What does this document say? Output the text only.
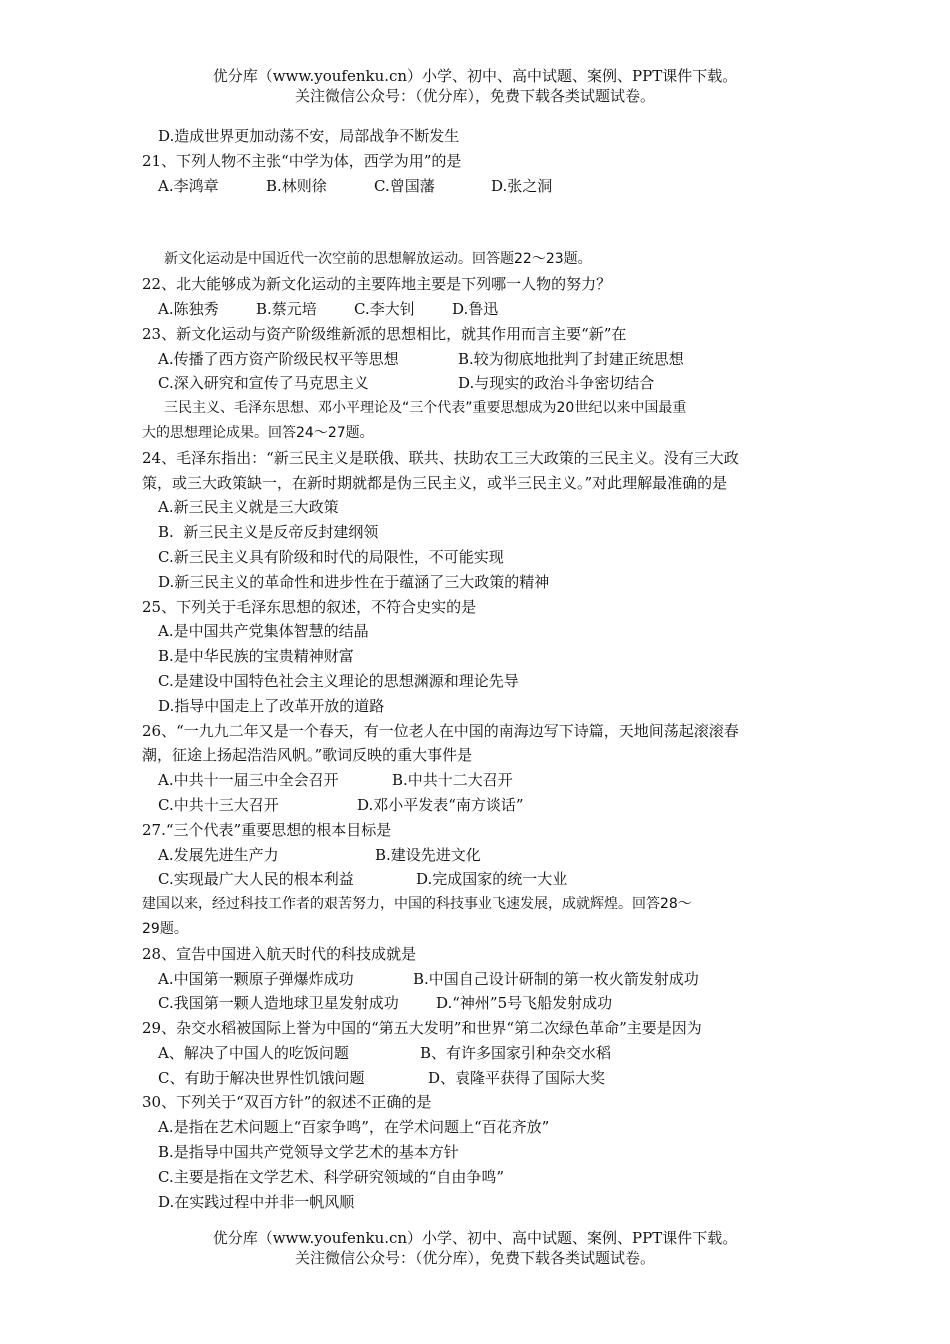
优分库（www.youfenku.cn）小学、初中、高中试题、案例、PPT课件下载。
关注微信公众号：（优分库），免费下载各类试题试卷。
D.造成世界更加动荡不安，局部战争不断发生
21、下列人物不主张“中学为体，西学为用”的是
A.李鸿章	B.林则徐	C.曾国藩	D.张之洞
新文化运动是中国近代一次空前的思想解放运动。回答题22～23题。
22、北大能够成为新文化运动的主要阵地主要是下列哪一人物的努力？
A.陈独秀	B.蔡元培	C.李大钊	D.鲁迅
23、新文化运动与资产阶级维新派的思想相比，就其作用而言主要“新”在
A.传播了西方资产阶级民权平等思想	B.较为彻底地批判了封建正统思想
C.深入研究和宣传了马克思主义	D.与现实的政治斗争密切结合
三民主义、毛泽东思想、邓小平理论及“三个代表”重要思想成为20世纪以来中国最重
大的思想理论成果。回答24～27题。
24、毛泽东指出：“新三民主义是联俄、联共、扶助农工三大政策的三民主义。没有三大政
策，或三大政策缺一，在新时期就都是伪三民主义，或半三民主义。”对此理解最准确的是
A.新三民主义就是三大政策
B.  新三民主义是反帝反封建纲领
C.新三民主义具有阶级和时代的局限性，不可能实现
D.新三民主义的革命性和进步性在于蕴涵了三大政策的精神
25、下列关于毛泽东思想的叙述，不符合史实的是
A.是中国共产党集体智慧的结晶
B.是中华民族的宝贵精神财富
C.是建设中国特色社会主义理论的思想渊源和理论先导
D.指导中国走上了改革开放的道路
26、“一九九二年又是一个春天，有一位老人在中国的南海边写下诗篇，天地间荡起滚滚春
潮，征途上扬起浩浩风帆。”歌词反映的重大事件是
A.中共十一届三中全会召开	B.中共十二大召开
C.中共十三大召开	D.邓小平发表“南方谈话”
27.“三个代表”重要思想的根本目标是
A.发展先进生产力	B.建设先进文化
C.实现最广大人民的根本利益	D.完成国家的统一大业
建国以来，经过科技工作者的艰苦努力，中国的科技事业飞速发展，成就辉煌。回答28～
29题。
28、宣告中国进入航天时代的科技成就是
A.中国第一颗原子弹爆炸成功	B.中国自己设计研制的第一枚火箭发射成功
C.我国第一颗人造地球卫星发射成功	D.“神州”5号飞船发射成功
29、杂交水稻被国际上誉为中国的“第五大发明”和世界“第二次绿色革命”主要是因为
A、解决了中国人的吃饭问题	B、有许多国家引种杂交水稻
C、有助于解决世界性饥饿问题	D、袁隆平获得了国际大奖
30、下列关于“双百方针”的叙述不正确的是
A.是指在艺术问题上“百家争鸣”，在学术问题上“百花齐放”
B.是指导中国共产党领导文学艺术的基本方针
C.主要是指在文学艺术、科学研究领域的“自由争鸣”
D.在实践过程中并非一帆风顺
优分库（www.youfenku.cn）小学、初中、高中试题、案例、PPT课件下载。
关注微信公众号：（优分库），免费下载各类试题试卷。
